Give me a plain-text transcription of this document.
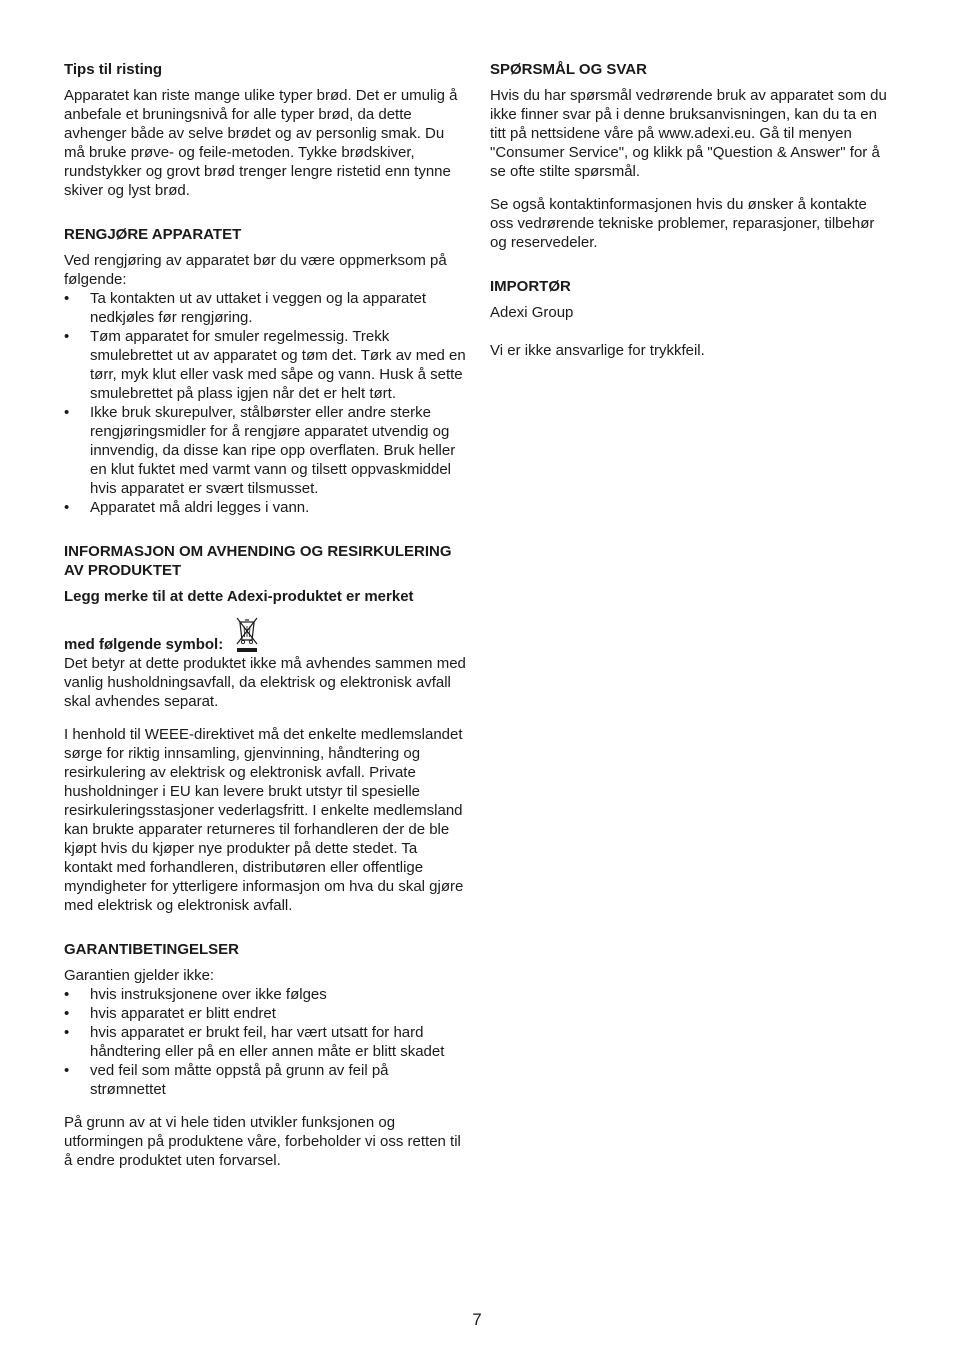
Tips til risting

Apparatet kan riste mange ulike typer brød. Det er umulig å anbefale et bruningsnivå for alle typer brød, da dette avhenger både av selve brødet og av personlig smak. Du må bruke prøve- og feile-metoden. Tykke brødskiver, rundstykker og grovt brød trenger lengre ristetid enn tynne skiver og lyst brød.

RENGJØRE APPARATET

Ved rengjøring av apparatet bør du være oppmerksom på følgende:

• Ta kontakten ut av uttaket i veggen og la apparatet nedkjøles før rengjøring.
• Tøm apparatet for smuler regelmessig. Trekk smulebrettet ut av apparatet og tøm det. Tørk av med en tørr, myk klut eller vask med såpe og vann. Husk å sette smulebrettet på plass igjen når det er helt tørt.
• Ikke bruk skurepulver, stålbørster eller andre sterke rengjøringsmidler for å rengjøre apparatet utvendig og innvendig, da disse kan ripe opp overflaten. Bruk heller en klut fuktet med varmt vann og tilsett oppvaskmiddel hvis apparatet er svært tilsmusset.
• Apparatet må aldri legges i vann.
INFORMASJON OM AVHENDING OG RESIRKULERING AV PRODUKTET

Legg merke til at dette Adexi-produktet er merket

med følgende symbol:

Det betyr at dette produktet ikke må avhendes sammen med vanlig husholdningsavfall, da elektrisk og elektronisk avfall skal avhendes separat.

I henhold til WEEE-direktivet må det enkelte medlemslandet sørge for riktig innsamling, gjenvinning, håndtering og resirkulering av elektrisk og elektronisk avfall. Private husholdninger i EU kan levere brukt utstyr til spesielle resirkuleringsstasjoner vederlagsfritt. I enkelte medlemsland kan brukte apparater returneres til forhandleren der de ble kjøpt hvis du kjøper nye produkter på dette stedet. Ta kontakt med forhandleren, distributøren eller offentlige myndigheter for ytterligere informasjon om hva du skal gjøre med elektrisk og elektronisk avfall.

GARANTIBETINGELSER

Garantien gjelder ikke:

• hvis instruksjonene over ikke følges
• hvis apparatet er blitt endret
• hvis apparatet er brukt feil, har vært utsatt for hard håndtering eller på en eller annen måte er blitt skadet
• ved feil som måtte oppstå på grunn av feil på strømnettet

På grunn av at vi hele tiden utvikler funksjonen og utformingen på produktene våre, forbeholder vi oss retten til å endre produktet uten forvarsel.

SPØRSMÅL OG SVAR

Hvis du har spørsmål vedrørende bruk av apparatet som du ikke finner svar på i denne bruksanvisningen, kan du ta en titt på nettsidene våre på www.adexi.eu. Gå til menyen "Consumer Service", og klikk på "Question & Answer" for å se ofte stilte spørsmål.

Se også kontaktinformasjonen hvis du ønsker å kontakte oss vedrørende tekniske problemer, reparasjoner, tilbehør og reservedeler.

IMPORTØR

Adexi Group

Vi er ikke ansvarlige for trykkfeil.

7
